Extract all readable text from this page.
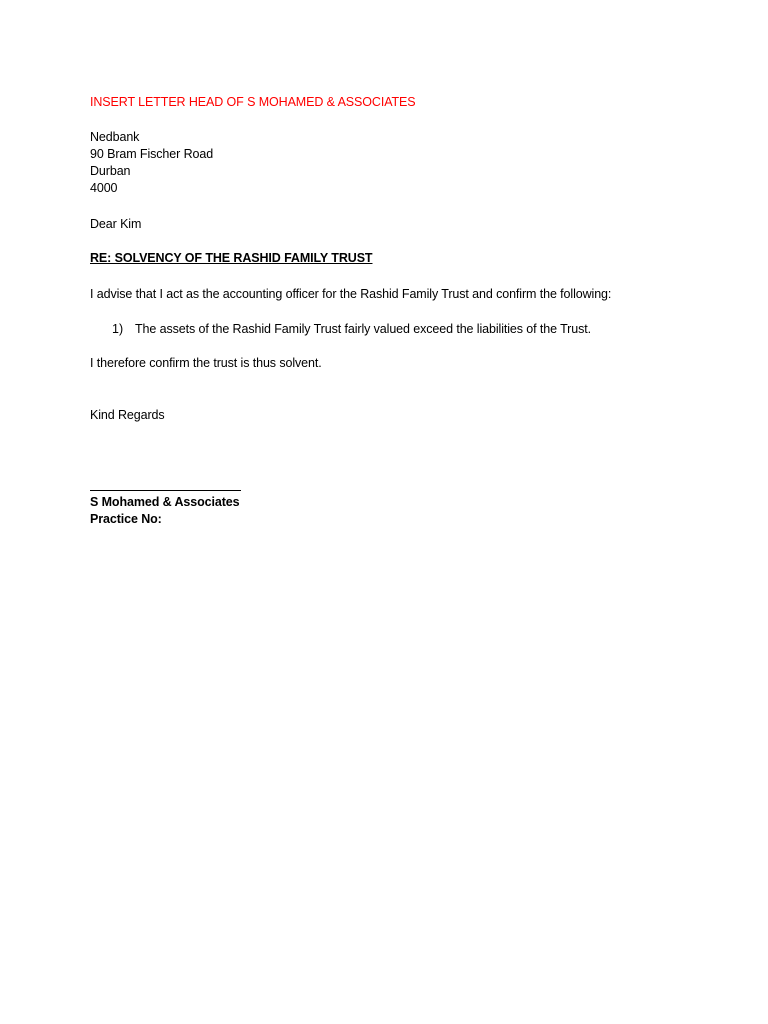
INSERT LETTER HEAD OF S MOHAMED & ASSOCIATES
Nedbank
90 Bram Fischer Road
Durban
4000
Dear Kim
RE: SOLVENCY OF THE RASHID FAMILY TRUST
I advise that I act as the accounting officer for the Rashid Family Trust and confirm the following:
1) The assets of the Rashid Family Trust fairly valued exceed the liabilities of the Trust.
I therefore confirm the trust is thus solvent.
Kind Regards
S Mohamed & Associates
Practice No:
